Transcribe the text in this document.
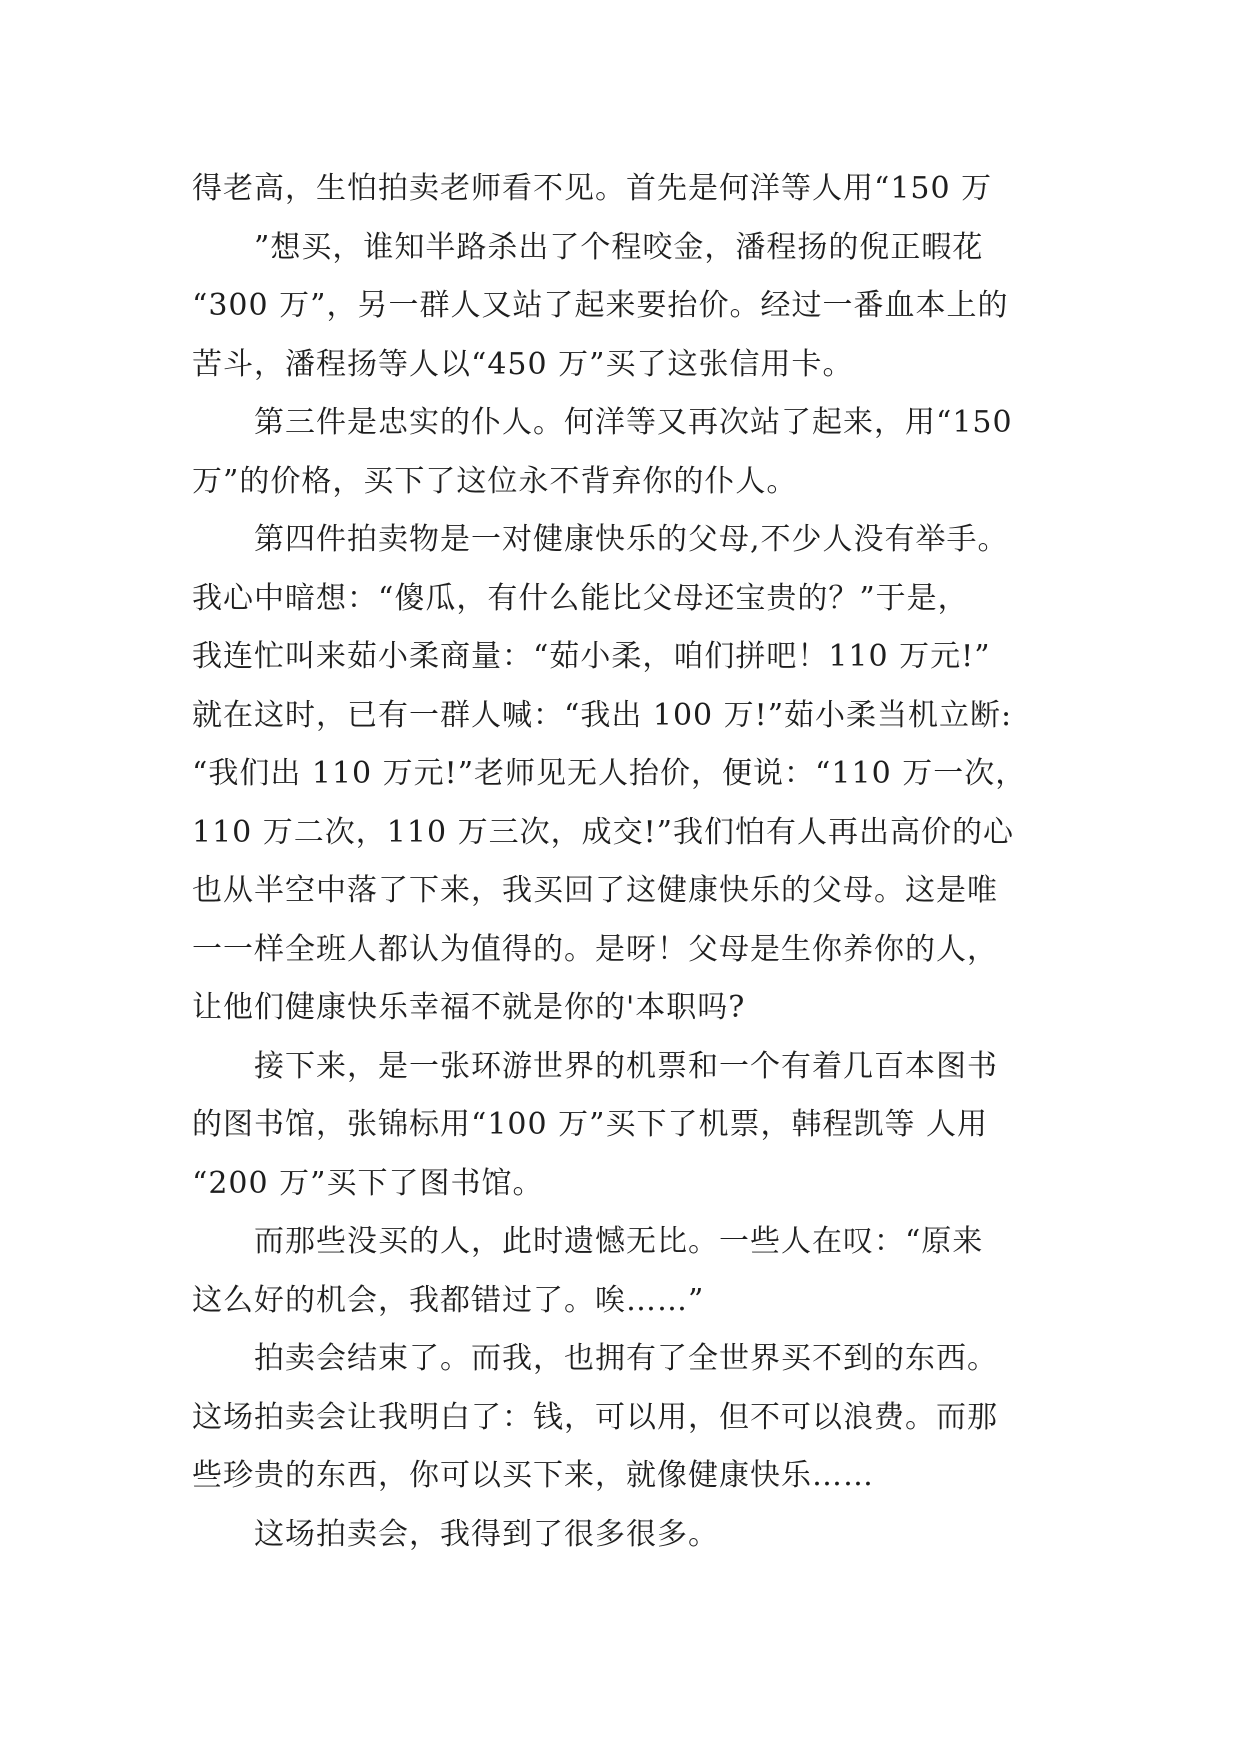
得老高，生怕拍卖老师看不见。首先是何洋等人用“150 万
　　”想买，谁知半路杀出了个程咬金，潘程扬的倪正暇花
“300 万”，另一群人又站了起来要抬价。经过一番血本上的
苦斗，潘程扬等人以“450 万”买了这张信用卡。
　　第三件是忠实的仆人。何洋等又再次站了起来，用“150
万”的价格，买下了这位永不背弃你的仆人。
　　第四件拍卖物是一对健康快乐的父母,不少人没有举手。
我心中暗想：“傻瓜，有什么能比父母还宝贵的？”于是，
我连忙叫来茹小柔商量：“茹小柔，咱们拼吧！110 万元!”
就在这时，已有一群人喊：“我出 100 万!”茹小柔当机立断:
“我们出 110 万元!”老师见无人抬价，便说：“110 万一次，
110 万二次，110 万三次，成交!”我们怕有人再出高价的心
也从半空中落了下来，我买回了这健康快乐的父母。这是唯
一一样全班人都认为值得的。是呀！父母是生你养你的人，
让他们健康快乐幸福不就是你的'本职吗?
　　接下来，是一张环游世界的机票和一个有着几百本图书
的图书馆，张锦标用“100 万”买下了机票，韩程凯等 人用
“200 万”买下了图书馆。
　　而那些没买的人，此时遗憾无比。一些人在叹：“原来
这么好的机会，我都错过了。唉……”
　　拍卖会结束了。而我，也拥有了全世界买不到的东西。
这场拍卖会让我明白了：钱，可以用，但不可以浪费。而那
些珍贵的东西，你可以买下来，就像健康快乐……
　　这场拍卖会，我得到了很多很多。
